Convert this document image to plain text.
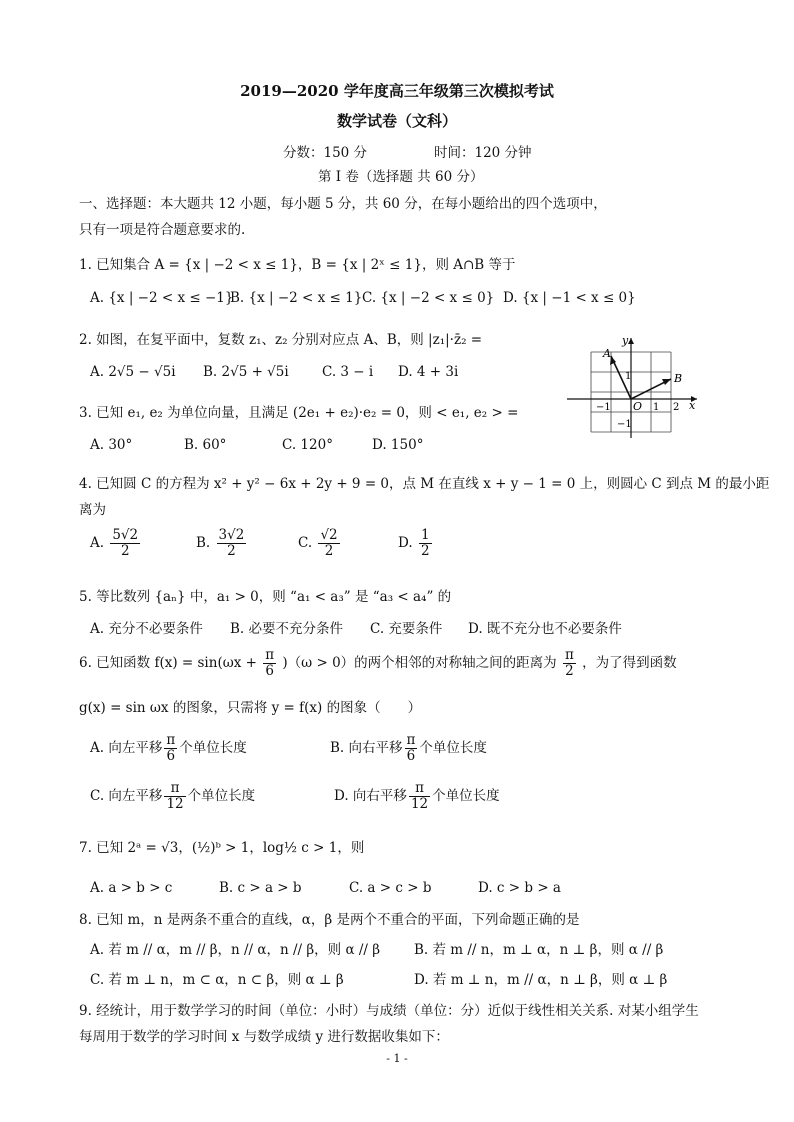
2019—2020 学年度高三年级第三次模拟考试
数学试卷（文科）
分数：150 分	时间：120 分钟
第 I 卷（选择题 共 60 分）
一、选择题：本大题共 12 小题，每小题 5 分，共 60 分，在每小题给出的四个选项中，
只有一项是符合题意要求的.
1. 已知集合 A = {x | −2 < x ≤ 1}，B = {x | 2ˣ ≤ 1}，则 A∩B 等于
A. {x | −2 < x ≤ −1}
B. {x | −2 < x ≤ 1} C. {x | −2 < x ≤ 0} D. {x | −1 < x ≤ 0}
2. 如图，在复平面中，复数 z₁、z₂ 分别对应点 A、B，则 |z₁|·z̄₂ =
A. 2√5 − √5i B. 2√5 + √5i C. 3 − i D. 4 + 3i
y
x
A
B
O 1
−1	2
1
−1
3. 已知 e₁, e₂ 为单位向量，且满足 (2e₁ + e₂)·e₂ = 0，则 < e₁, e₂ > =
A. 30°	B. 60°	C. 120°	D. 150°
4. 已知圆 C 的方程为 x² + y² − 6x + 2y + 9 = 0，点 M 在直线 x + y − 1 = 0 上，则圆心 C 到点 M 的最小距
离为
A. $\frac{5√2}{2}$	B. $\frac{3√2}{2}$	C. $\frac{√2}{2}$	D. $\frac{1}{2}$
5. 等比数列 {aₙ} 中，a₁ > 0，则 “a₁ < a₃” 是 “a₃ < a₄” 的
A. 充分不必要条件 B. 必要不充分条件 C. 充要条件 D. 既不充分也不必要条件
6. 已知函数 $f(x) = \sin(\omega x + \frac{\pi}{6} )(\omega > 0)$的两个相邻的对称轴之间的距离为 $\frac{\pi}{2}$ ，为了得到函数
g(x) = sin ωx 的图象，只需将 y = f(x) 的图象（　　）
A. 向左平移 $\frac{\pi}{6}$ 个单位长度	B. 向右平移 $\frac{\pi}{6}$ 个单位长度
C. 向左平移 $\frac{\pi}{12}$ 个单位长度	D. 向右平移 $\frac{\pi}{12}$ 个单位长度
7. 已知 2ᵃ = √3，(½)ᵇ > 1，log½ c > 1，则
A. a > b > c	B. c > a > b	C. a > c > b	D. c > b > a
8. 已知 m，n 是两条不重合的直线，α，β 是两个不重合的平面，下列命题正确的是
A. 若 m // α，m // β，n // α，n // β，则 α // β	B. 若 m // n，m ⊥ α，n ⊥ β，则 α // β
C. 若 m ⊥ n，m ⊂ α，n ⊂ β，则 α ⊥ β	D. 若 m ⊥ n，m // α，n ⊥ β，则 α ⊥ β
9. 经统计，用于数学学习的时间（单位：小时）与成绩（单位：分）近似于线性相关关系. 对某小组学生
每周用于数学的学习时间 x 与数学成绩 y 进行数据收集如下：
- 1 -
